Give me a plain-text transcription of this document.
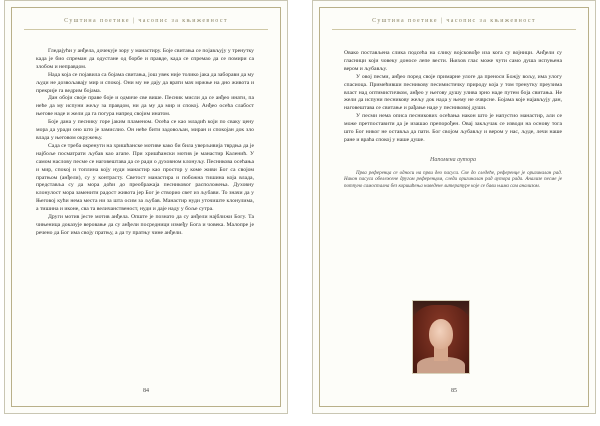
Суштина поетике | часопис за књижевност

Гледајући у анђела, дочекује зору у манастиру. Боје свитања се појављују у тренутку када је био спреман да одустане од борбе и правде, када се спремао да се помири са злобом и неправдом.

Нада која се појавила са бојама свитања, још увек није толико јака да заборави да му људи не дозвољавају мир и спокој. Они му не дају да врати мач мржње на дно живота и прекрије га ведрим бојама.

Дан обоји своје праве боје и одмиче све више. Песник мисли да се анђео инати, па неће да му испуни жељу за правдом, ни да му да мир и спокој. Анђео осећа слабост његове наде и жели да га погура напред својим инатом.

Боје дана у песнику горе јаким пламеном. Осећа се као младић који по сваку цену мора да уради оно што је замислио. Он неће бити задовољан, миран и спокојан док зло влада у његовом окружењу.

Сада се треба окренути на хришћанске мотиве како би била уверљивија тврдња да је најбоље посматрати љубав као агапе. При хришћански мотив је манастир Каленић. У самом насловy песме се наговештава да се ради о духовном клонуљу. Песникова осећања и мир, спокој и топлина коју нуди манастир као простор у коме живи Бог са својом пратњом (анђели), су у контрасту. Светост манастира и побожна тишина која влада, представља су да мора доћи до преображаја песниковог расположења. Духовну клонулост мора заменити радост живота јер Бог је створио свет из љубави. То значи да у Његовој кући нема места ни за шта осим за љубав. Манастир нуди уточиште клонулима, а тишина и иконе, сва та величанственост, нуди и даје наду у боље сутра.

Други мотив јесте мотив анђела. Опште је познато да су анђели најближи Богу. Та чињеница доказује веровање да су анђели посредници између Бога и човека. Малопре је речено да Бог има своју пратњу, а да ту пратњу чине анђели.

84
Суштина поетике | часопис за књижевност

Овако постављена слика подсећа на слику војсковође иза кога су војници. Анђели су гласници који човеку доносе лепе вести. Њихов глас може чути само душа испуњена вером и љубављу.

У овој песми, анђео поред своје примарне улоге да преноси Божју вољу, има улогу спасиоца. Примећивши песникову песимистичку природу која у том тренутку преузима власт над оптимистичком, анђео у његову душу улива зрно наде путем боја свитања. Не жели да испуни песникову жељу док нада у њему не очврсне. Бојама које најављују дан, наговештава се свитање и рађање наде у песниковој души.

У песми нема описа песникових осећања након што је напустио манастир, али се може претпоставити да је изашао препорођен. Овај закључак се изводи на основу тога што Бог никог не оставља да пати. Бог својом љубављу и вером у нас, људе, лечи наше ране и враћа спокој у наше душе.

Напомена аутора

Прва референца се односи на први део пасуса. Све до следеће, референце је оригиналан рад. Нaкон пасуса обележене другом референцом, следи оригиналан рад аутора рада. Анализе песме је потпуно самостална без коришћења наведене литературе које се бави њима сам анализом.

85
